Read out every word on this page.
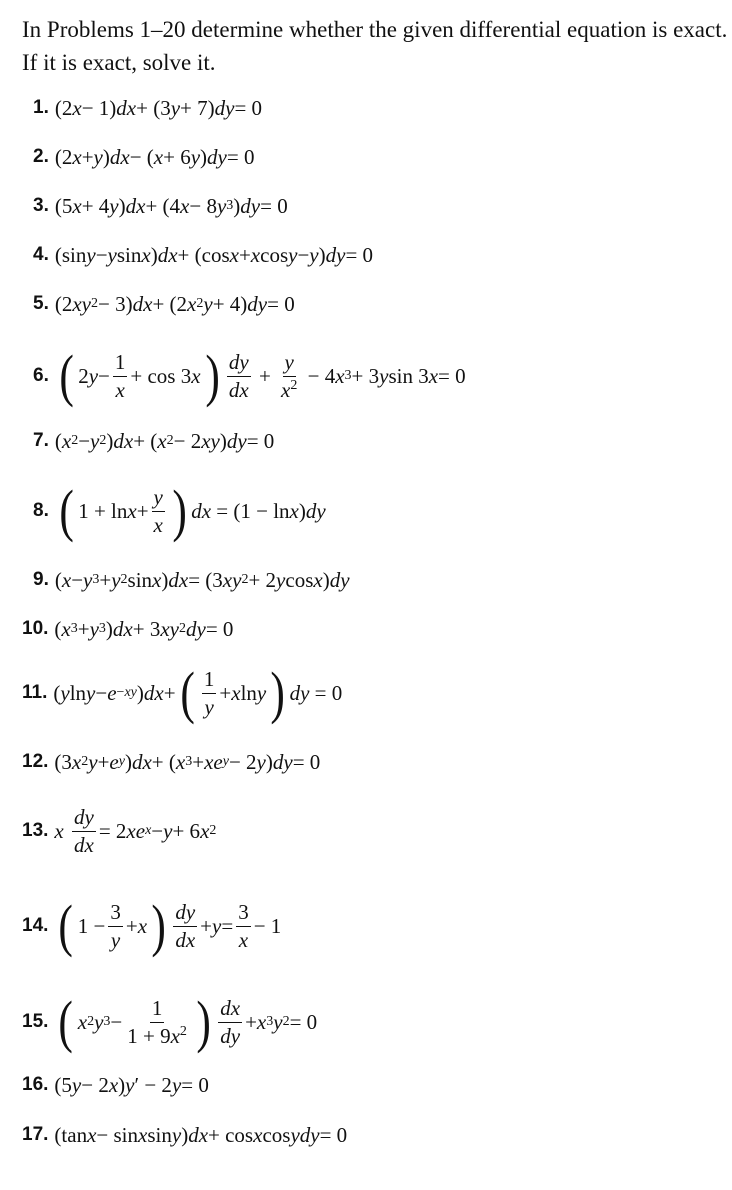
In Problems 1–20 determine whether the given differential equation is exact. If it is exact, solve it.
1. (2 x − 1) dx + (3 y + 7) dy = 0
2. (2 x + y ) dx − ( x + 6 y ) dy = 0
3. (5 x + 4 y ) dx + (4 x − 8 y 3 ) dy = 0
4. (sin y − y sin x ) dx + (cos x + x cos y − y ) dy = 0
5. (2 xy 2 − 3) dx + (2 x 2 y + 4) dy = 0
6. ( 2 $y - \frac{1}{x} + \cos 3$ x ) $\frac{dy}{dx} + \frac{y}{x^2} - 4$ x 3 + 3 y sin 3 x = 0
7. ( x 2 − y 2 ) dx + ( x 2 − 2 xy ) dy = 0
8. ( $1 + \ln x + \frac{y}{x}$ ) dx = (1 − ln x ) dy
9. ( x − y 3 + y 2 sin x ) dx = (3 xy 2 + 2 y cos x ) dy
10. ( x 3 + y 3 ) dx + 3 xy 2 dy = 0
11. ( y ln y − e −xy ) dx + ( $\frac{1}{y} + x$ ln y ) dy = 0
12. (3 x 2 y + e y ) dx + ( x 3 + xe y − 2 y ) dy = 0
13. x
$\frac{dy}{dx} = 2$ xe x − y + 6 x 2
14. ( $1 - \frac{3}{y} + x$ ) $\frac{dy}{dx} + y = \frac{3}{x} - 1$
15. ( x 2 y $3 - \frac{1}{1 + 9x^2}$ ) $\frac{dx}{dy} + x$ 3 y 2 = 0
16. (5 y − 2 x ) y ′ − 2 y = 0
17. (tan x − sin x sin y ) dx + cos x cos y dy = 0
